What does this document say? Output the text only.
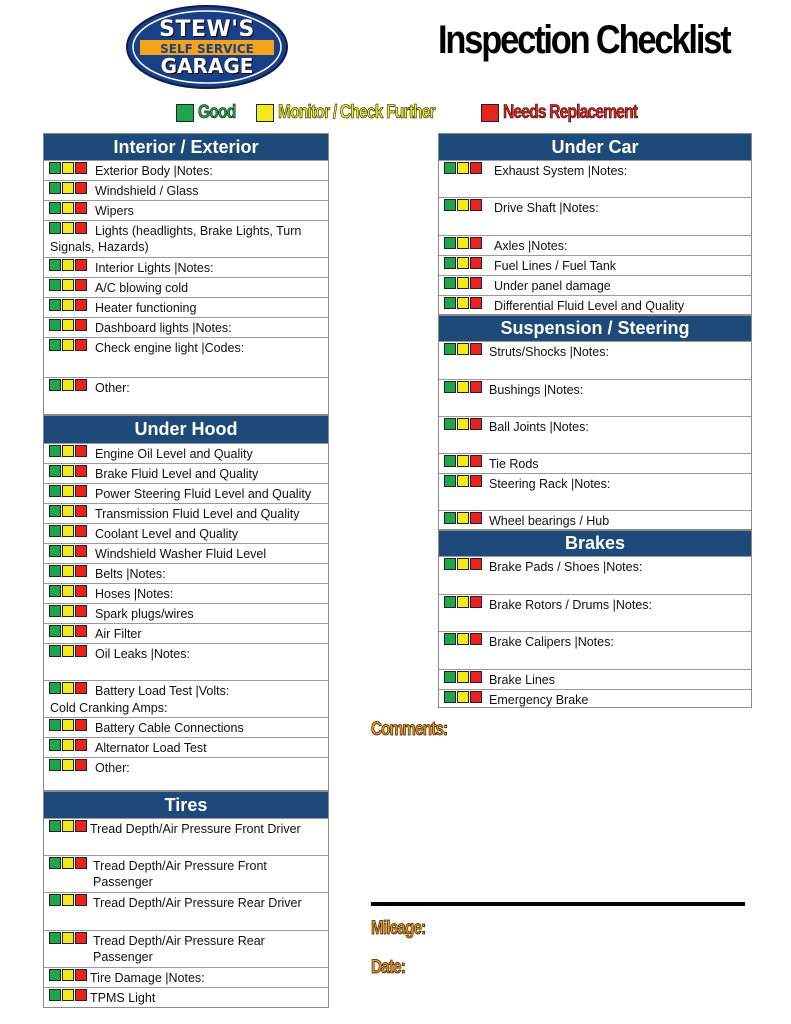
STEW'S
SELF SERVICE
GARAGE
Inspection Checklist
Good Monitor / Check Further	Needs Replacement
Interior / Exterior
Exterior Body |Notes:
Windshield / Glass
Wipers
Lights (headlights, Brake Lights, Turn Signals, Hazards)
Interior Lights |Notes:
A/C blowing cold
Heater functioning
Dashboard lights |Notes:
Check engine light |Codes:
Other:
Under Hood
Engine Oil Level and Quality
Brake Fluid Level and Quality
Power Steering Fluid Level and Quality
Transmission Fluid Level and Quality
Coolant Level and Quality
Windshield Washer Fluid Level
Belts |Notes:
Hoses |Notes:
Spark plugs/wires
Air Filter
Oil Leaks |Notes:
Battery Load Test |Volts:
Cold Cranking Amps:
Battery Cable Connections
Alternator Load Test
Other:
Tires
Tread Depth/Air Pressure Front Driver
Tread Depth/Air Pressure Front Passenger
Tread Depth/Air Pressure Rear Driver
Tread Depth/Air Pressure Rear Passenger
Tire Damage |Notes:
TPMS Light
Under Car
Exhaust System |Notes:
Drive Shaft |Notes:
Axles |Notes:
Fuel Lines / Fuel Tank
Under panel damage
Differential Fluid Level and Quality
Suspension / Steering
Struts/Shocks |Notes:
Bushings |Notes:
Ball Joints |Notes:
Tie Rods
Steering Rack |Notes:
Wheel bearings / Hub
Brakes
Brake Pads / Shoes |Notes:
Brake Rotors / Drums |Notes:
Brake Calipers |Notes:
Brake Lines
Emergency Brake
Comments:
Mileage:
Date:
